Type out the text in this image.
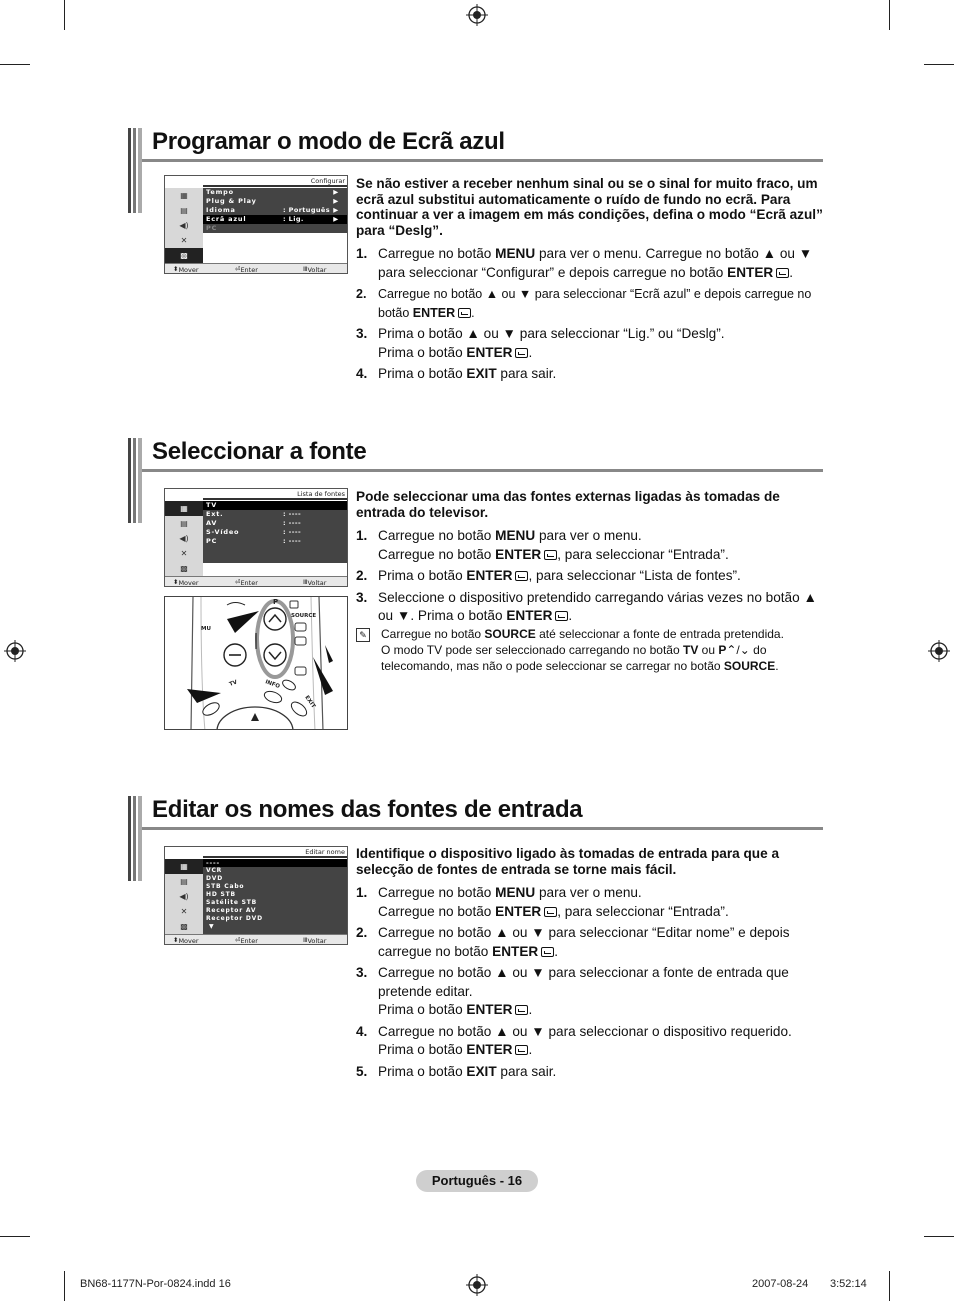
Programar o modo de Ecrã azul
▦
▤
◀)
✕
▩
Configurar
Tempo	▶
Plug & Play	▶
Idioma	: Português ▶
Ecrã azul	: Lig.	▶
PC
⬍ Mover	⏎ Enter	Ⅲ Voltar
Se não estiver a receber nenhum sinal ou se o sinal for muito fraco, um ecrã azul substitui automaticamente o ruído de fundo no ecrã. Para continuar a ver a imagem em más condições, defina o modo “Ecrã azul” para “Deslg”.
1. Carregue no botão MENU para ver o menu. Carregue no botão ▲ ou ▼ para seleccionar “Configurar” e depois carregue no botão ENTER .
2. Carregue no botão ▲ ou ▼ para seleccionar “Ecrã azul” e depois carregue no botão ENTER .
3. Prima o botão ▲ ou ▼ para seleccionar “Lig.” ou “Deslg”.
Prima o botão ENTER .
4. Prima o botão EXIT para sair.
Seleccionar a fonte
▦
▤
◀)
✕
▩
Lista de fontes
TV
Ext.	: ----
AV	: ----
S-Vídeo	: ----
PC	: ----
⬍ Mover	⏎ Enter	Ⅲ Voltar
P
SOURCE
MU
TV	INFO
EXIT
Pode seleccionar uma das fontes externas ligadas às tomadas de entrada do televisor.
1. Carregue no botão MENU para ver o menu.
Carregue no botão ENTER , para seleccionar “Entrada”.
2. Prima o botão ENTER , para seleccionar “Lista de fontes”.
3. Seleccione o dispositivo pretendido carregando várias vezes no botão ▲ ou ▼. Prima o botão ENTER .
✎ Carregue no botão SOURCE até seleccionar a fonte de entrada pretendida.
O modo TV pode ser seleccionado carregando no botão TV ou P⌃/⌄ do telecomando, mas não o pode seleccionar se carregar no botão SOURCE.
Editar os nomes das fontes de entrada
▦
▤
◀)
✕
▩
Editar nome
----
VCR
DVD
STB Cabo
HD STB
Satélite STB
Receptor AV
Receptor DVD
▼
⬍ Mover	⏎ Enter	Ⅲ Voltar
Identifique o dispositivo ligado às tomadas de entrada para que a selecção de fontes de entrada se torne mais fácil.
1. Carregue no botão MENU para ver o menu.
Carregue no botão ENTER , para seleccionar “Entrada”.
2. Carregue no botão ▲ ou ▼ para seleccionar “Editar nome” e depois carregue no botão ENTER .
3. Carregue no botão ▲ ou ▼ para seleccionar a fonte de entrada que pretende editar.
Prima o botão ENTER .
4. Carregue no botão ▲ ou ▼ para seleccionar o dispositivo requerido.
Prima o botão ENTER .
5. Prima o botão EXIT para sair.
Português - 16
BN68-1177N-Por-0824.indd 16	2007-08-24 3:52:14
